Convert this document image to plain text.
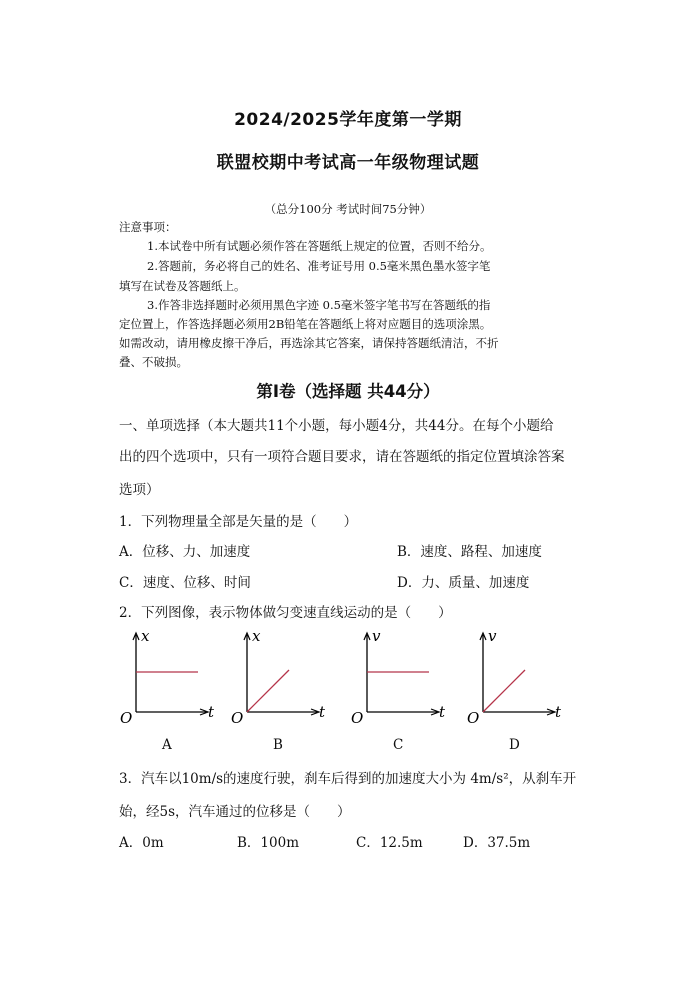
2024/2025学年度第一学期
联盟校期中考试高一年级物理试题
（总分100分 考试时间75分钟）
注意事项：
1.本试卷中所有试题必须作答在答题纸上规定的位置，否则不给分。
2.答题前，务必将自己的姓名、准考证号用 0.5毫米黑色墨水签字笔
填写在试卷及答题纸上。
3.作答非选择题时必须用黑色字迹 0.5毫米签字笔书写在答题纸的指
定位置上，作答选择题必须用2B铅笔在答题纸上将对应题目的选项涂黑。
如需改动，请用橡皮擦干净后，再选涂其它答案，请保持答题纸清洁，不折
叠、不破损。
第Ⅰ卷（选择题 共44分）
一、单项选择（本大题共11个小题，每小题4分，共44分。在每个小题给
出的四个选项中，只有一项符合题目要求，请在答题纸的指定位置填涂答案
选项）
1．下列物理量全部是矢量的是（　　）
A．位移、力、加速度	B．速度、路程、加速度
C．速度、位移、时间	D．力、质量、加速度
2．下列图像，表示物体做匀变速直线运动的是（　　）
x
t
O
A
x
t
O
B
v
t
O
C
v
t
O
D
3．汽车以10m/s的速度行驶，刹车后得到的加速度大小为 4m/s²，从刹车开
始，经5s，汽车通过的位移是（　　）
A．0m	B．100m	C．12.5m	D．37.5m
